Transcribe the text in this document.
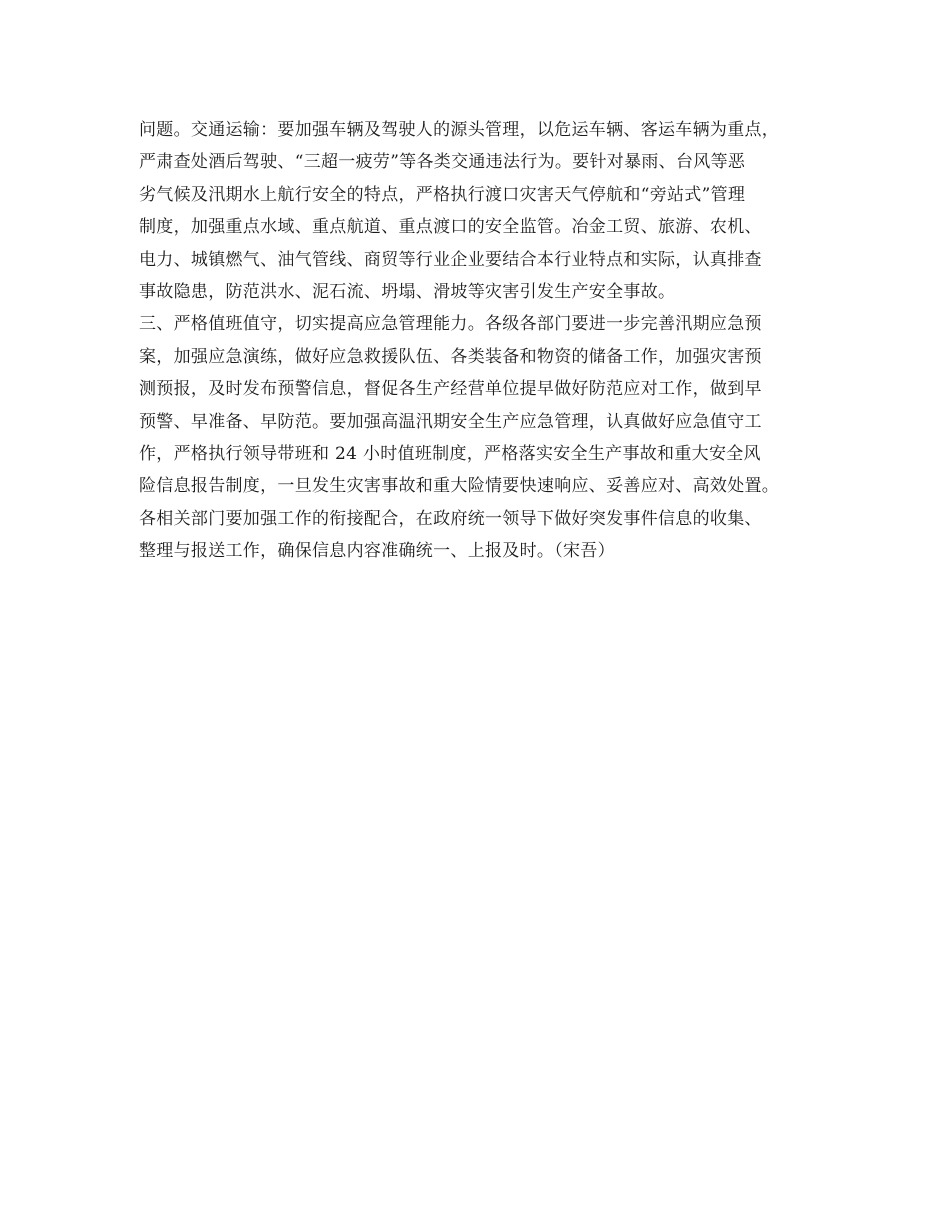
问题。交通运输：要加强车辆及驾驶人的源头管理，以危运车辆、客运车辆为重点，
严肃查处酒后驾驶、“三超一疲劳”等各类交通违法行为。要针对暴雨、台风等恶
劣气候及汛期水上航行安全的特点，严格执行渡口灾害天气停航和“旁站式”管理
制度，加强重点水域、重点航道、重点渡口的安全监管。冶金工贸、旅游、农机、
电力、城镇燃气、油气管线、商贸等行业企业要结合本行业特点和实际，认真排查
事故隐患，防范洪水、泥石流、坍塌、滑坡等灾害引发生产安全事故。
三、严格值班值守，切实提高应急管理能力。各级各部门要进一步完善汛期应急预
案，加强应急演练，做好应急救援队伍、各类装备和物资的储备工作，加强灾害预
测预报，及时发布预警信息，督促各生产经营单位提早做好防范应对工作，做到早
预警、早准备、早防范。要加强高温汛期安全生产应急管理，认真做好应急值守工
作，严格执行领导带班和 24 小时值班制度，严格落实安全生产事故和重大安全风
险信息报告制度，一旦发生灾害事故和重大险情要快速响应、妥善应对、高效处置。
各相关部门要加强工作的衔接配合，在政府统一领导下做好突发事件信息的收集、
整理与报送工作，确保信息内容准确统一、上报及时。（宋吾）
